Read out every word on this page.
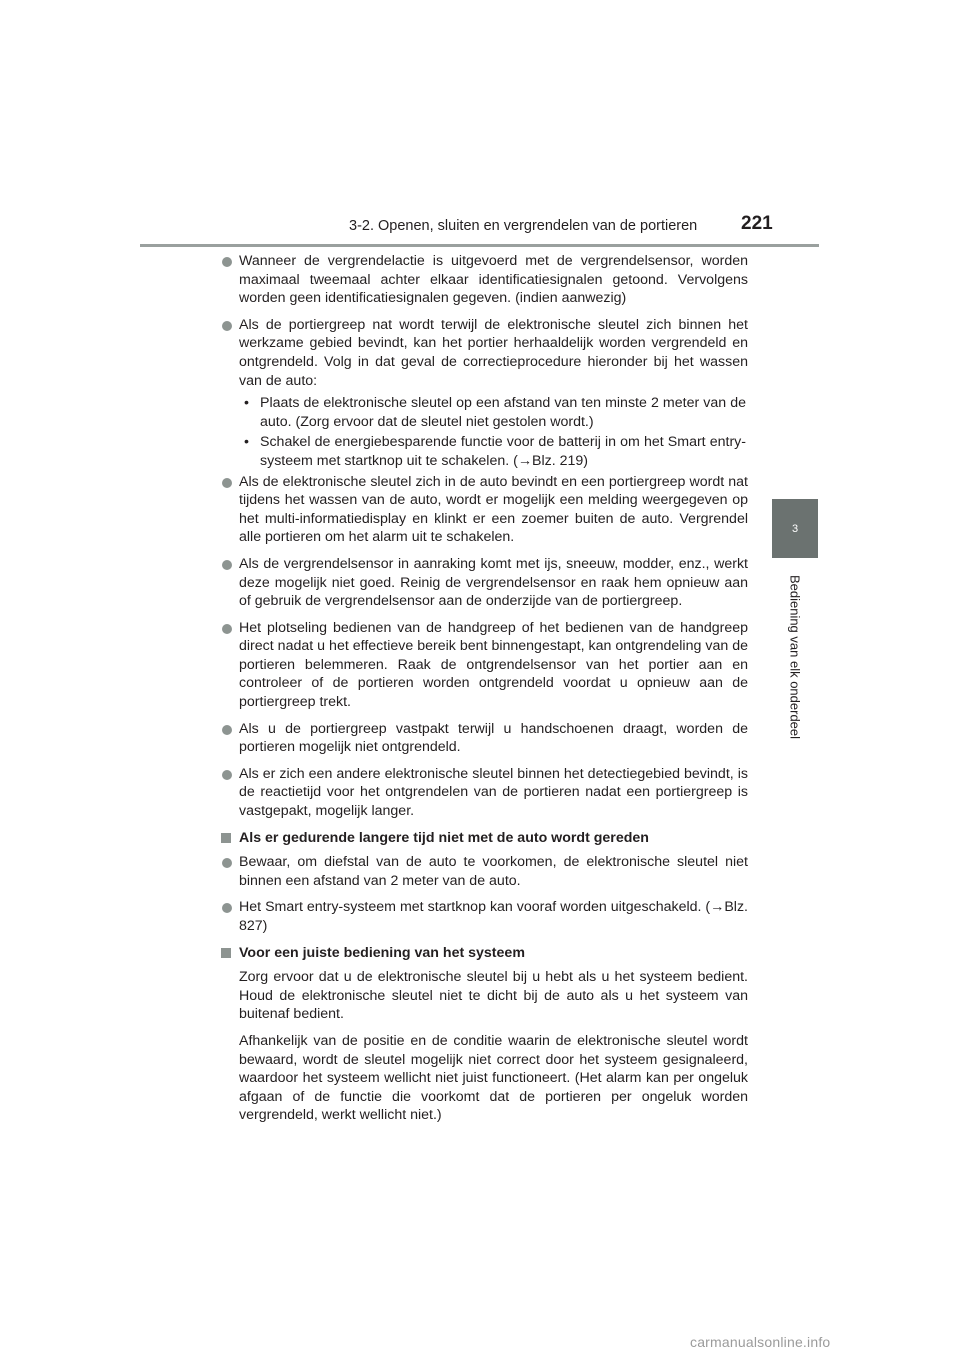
3-2. Openen, sluiten en vergrendelen van de portieren 221
3
Bediening van elk onderdeel
Wanneer de vergrendelactie is uitgevoerd met de vergrendelsensor, worden maximaal tweemaal achter elkaar identificatiesignalen getoond. Vervolgens worden geen identificatiesignalen gegeven. (indien aanwezig)
Als de portiergreep nat wordt terwijl de elektronische sleutel zich binnen het werkzame gebied bevindt, kan het portier herhaaldelijk worden vergrendeld en ontgrendeld. Volg in dat geval de correctieprocedure hieronder bij het wassen van de auto:
• Plaats de elektronische sleutel op een afstand van ten minste 2 meter van de auto. (Zorg ervoor dat de sleutel niet gestolen wordt.)
• Schakel de energiebesparende functie voor de batterij in om het Smart entry-systeem met startknop uit te schakelen. (→Blz. 219)
Als de elektronische sleutel zich in de auto bevindt en een portiergreep wordt nat tijdens het wassen van de auto, wordt er mogelijk een melding weergegeven op het multi-informatiedisplay en klinkt er een zoemer buiten de auto. Vergrendel alle portieren om het alarm uit te schakelen.
Als de vergrendelsensor in aanraking komt met ijs, sneeuw, modder, enz., werkt deze mogelijk niet goed. Reinig de vergrendelsensor en raak hem opnieuw aan of gebruik de vergrendelsensor aan de onderzijde van de portiergreep.
Het plotseling bedienen van de handgreep of het bedienen van de handgreep direct nadat u het effectieve bereik bent binnengestapt, kan ontgrendeling van de portieren belemmeren. Raak de ontgrendelsensor van het portier aan en controleer of de portieren worden ontgrendeld voordat u opnieuw aan de portiergreep trekt.
Als u de portiergreep vastpakt terwijl u handschoenen draagt, worden de portieren mogelijk niet ontgrendeld.
Als er zich een andere elektronische sleutel binnen het detectiegebied bevindt, is de reactietijd voor het ontgrendelen van de portieren nadat een portiergreep is vastgepakt, mogelijk langer.
Als er gedurende langere tijd niet met de auto wordt gereden
Bewaar, om diefstal van de auto te voorkomen, de elektronische sleutel niet binnen een afstand van 2 meter van de auto.
Het Smart entry-systeem met startknop kan vooraf worden uitgeschakeld. (→Blz. 827)
Voor een juiste bediening van het systeem
Zorg ervoor dat u de elektronische sleutel bij u hebt als u het systeem bedient. Houd de elektronische sleutel niet te dicht bij de auto als u het systeem van buitenaf bedient.
Afhankelijk van de positie en de conditie waarin de elektronische sleutel wordt bewaard, wordt de sleutel mogelijk niet correct door het systeem gesignaleerd, waardoor het systeem wellicht niet juist functioneert. (Het alarm kan per ongeluk afgaan of de functie die voorkomt dat de portieren per ongeluk worden vergrendeld, werkt wellicht niet.)
carmanualsonline.info
